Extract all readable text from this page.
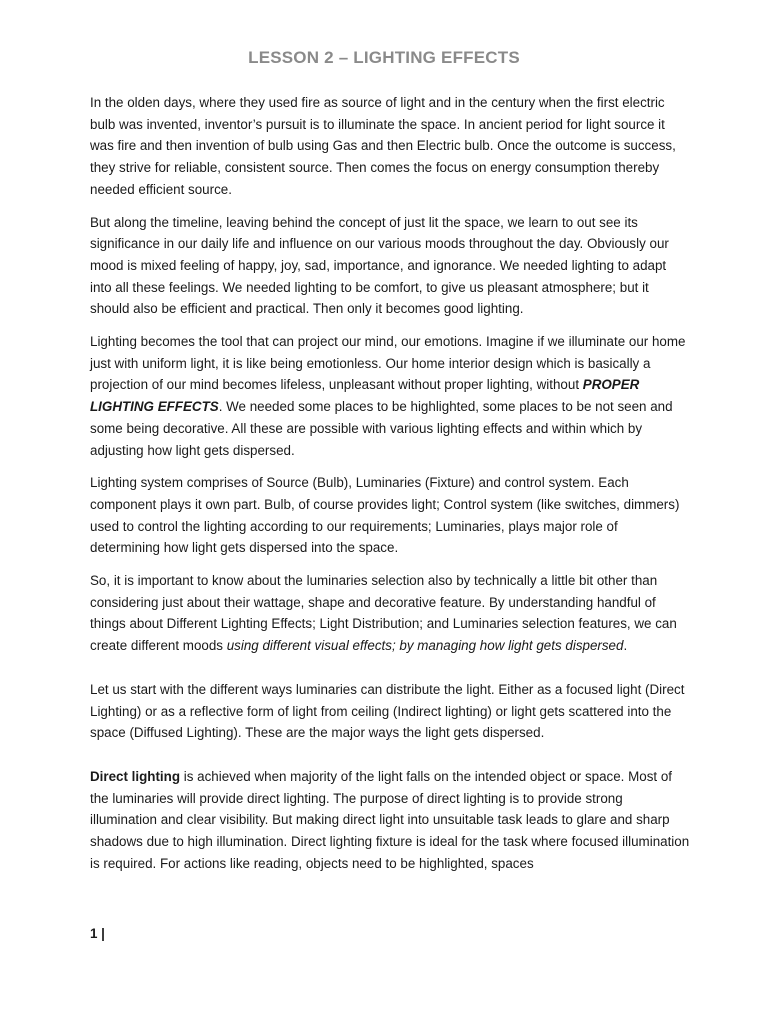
LESSON 2 – LIGHTING EFFECTS

In the olden days, where they used fire as source of light and in the century when the first electric bulb was invented, inventor’s pursuit is to illuminate the space. In ancient period for light source it was fire and then invention of bulb using Gas and then Electric bulb. Once the outcome is success, they strive for reliable, consistent source. Then comes the focus on energy consumption thereby needed efficient source.

But along the timeline, leaving behind the concept of just lit the space, we learn to out see its significance in our daily life and influence on our various moods throughout the day. Obviously our mood is mixed feeling of happy, joy, sad, importance, and ignorance. We needed lighting to adapt into all these feelings. We needed lighting to be comfort, to give us pleasant atmosphere; but it should also be efficient and practical. Then only it becomes good lighting.

Lighting becomes the tool that can project our mind, our emotions. Imagine if we illuminate our home just with uniform light, it is like being emotionless. Our home interior design which is basically a projection of our mind becomes lifeless, unpleasant without proper lighting, without PROPER LIGHTING EFFECTS. We needed some places to be highlighted, some places to be not seen and some being decorative. All these are possible with various lighting effects and within which by adjusting how light gets dispersed.

Lighting system comprises of Source (Bulb), Luminaries (Fixture) and control system. Each component plays it own part. Bulb, of course provides light; Control system (like switches, dimmers) used to control the lighting according to our requirements; Luminaries, plays major role of determining how light gets dispersed into the space.

So, it is important to know about the luminaries selection also by technically a little bit other than considering just about their wattage, shape and decorative feature. By understanding handful of things about Different Lighting Effects; Light Distribution; and Luminaries selection features, we can create different moods using different visual effects; by managing how light gets dispersed.

Let us start with the different ways luminaries can distribute the light. Either as a focused light (Direct Lighting) or as a reflective form of light from ceiling (Indirect lighting) or light gets scattered into the space (Diffused Lighting). These are the major ways the light gets dispersed.

Direct lighting is achieved when majority of the light falls on the intended object or space. Most of the luminaries will provide direct lighting. The purpose of direct lighting is to provide strong illumination and clear visibility. But making direct light into unsuitable task leads to glare and sharp shadows due to high illumination. Direct lighting fixture is ideal for the task where focused illumination is required. For actions like reading, objects need to be highlighted, spaces

1 |
